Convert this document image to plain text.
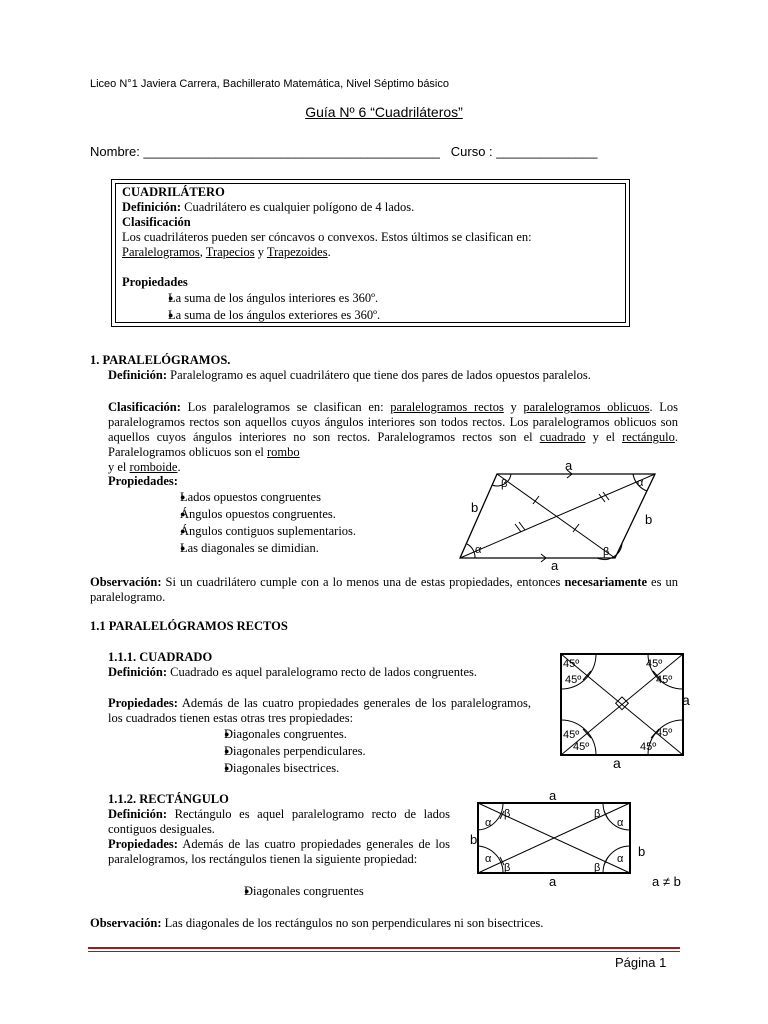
Liceo N°1 Javiera Carrera, Bachillerato Matemática, Nivel Séptimo básico
Guía Nº 6 “Cuadriláteros”
Nombre: _________________________________________ Curso : ______________
CUADRILÁTERO
Definición: Cuadrilátero es cualquier polígono de 4 lados.
Clasificación
Los cuadriláteros pueden ser cóncavos o convexos. Estos últimos se clasifican en:
Paralelogramos, Trapecios y Trapezoides.
Propiedades
● La suma de los ángulos interiores es 360º.
● La suma de los ángulos exteriores es 360º.
1. PARALELÓGRAMOS.
Definición: Paralelogramo es aquel cuadrilátero que tiene dos pares de lados opuestos paralelos.
Clasificación: Los paralelogramos se clasifican en: paralelogramos rectos y paralelogramos oblicuos. Los paralelogramos rectos son aquellos cuyos ángulos interiores son todos rectos. Los paralelogramos oblicuos son aquellos cuyos ángulos interiores no son rectos. Paralelogramos rectos son el cuadrado y el rectángulo. Paralelogramos oblicuos son el rombo
y el romboide.
Propiedades:
● Lados opuestos congruentes
● Ángulos opuestos congruentes.
● Ángulos contiguos suplementarios.
● Las diagonales se dimidian.
a
a
b
b
β	α
α	β
Observación: Si un cuadrilátero cumple con a lo menos una de estas propiedades, entonces necesariamente es un paralelogramo.
1.1 PARALELÓGRAMOS RECTOS
1.1.1. CUADRADO
Definición: Cuadrado es aquel paralelogramo recto de lados congruentes.
Propiedades: Además de las cuatro propiedades generales de los paralelogramos, los cuadrados tienen estas otras tres propiedades:
● Diagonales congruentes.
● Diagonales perpendiculares.
● Diagonales bisectrices.
45º
45º
45º
45º
45º
45º
45º
45º
a
a
1.1.2. RECTÁNGULO
Definición: Rectángulo es aquel paralelogramo recto de lados contiguos desiguales.
Propiedades: Además de las cuatro propiedades generales de los paralelogramos, los rectángulos tienen la siguiente propiedad:
● Diagonales congruentes
a
a
b
b
α
β	β
α
α
β	β
α
a ≠ b
Observación: Las diagonales de los rectángulos no son perpendiculares ni son bisectrices.
Página 1
